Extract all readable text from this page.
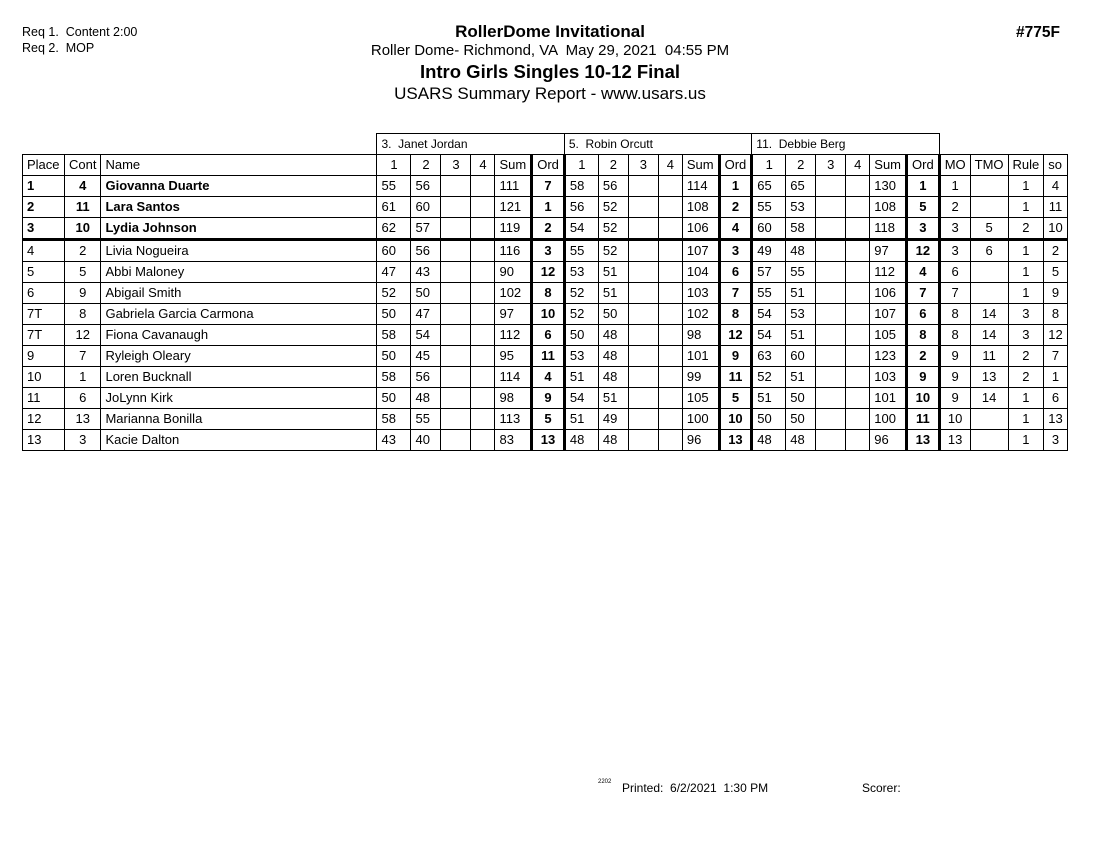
Req 1.  Content 2:00
Req 2.  MOP
RollerDome Invitational
Roller Dome- Richmond, VA  May 29, 2021  04:55 PM
Intro Girls Singles 10-12 Final
USARS Summary Report - www.usars.us
#775F
			3.  Janet Jordan						5.  Robin Orcutt						11.  Debbie Berg									
Place	Cont	Name	1	2	3	4	Sum	Ord	1	2	3	4	Sum	Ord	1	2	3	4	Sum	Ord	MO	TMO	Rule	so
1	4	Giovanna Duarte	55	56			111	7	58	56			114	1	65	65			130	1	1		1	4
2	11	Lara Santos	61	60			121	1	56	52			108	2	55	53			108	5	2		1	11
3	10	Lydia Johnson	62	57			119	2	54	52			106	4	60	58			118	3	3	5	2	10
4	2	Livia Nogueira	60	56			116	3	55	52			107	3	49	48			97	12	3	6	1	2
5	5	Abbi Maloney	47	43			90	12	53	51			104	6	57	55			112	4	6		1	5
6	9	Abigail Smith	52	50			102	8	52	51			103	7	55	51			106	7	7		1	9
7T	8	Gabriela Garcia Carmona	50	47			97	10	52	50			102	8	54	53			107	6	8	14	3	8
7T	12	Fiona Cavanaugh	58	54			112	6	50	48			98	12	54	51			105	8	8	14	3	12
9	7	Ryleigh Oleary	50	45			95	11	53	48			101	9	63	60			123	2	9	11	2	7
10	1	Loren Bucknall	58	56			114	4	51	48			99	11	52	51			103	9	9	13	2	1
11	6	JoLynn Kirk	50	48			98	9	54	51			105	5	51	50			101	10	9	14	1	6
12	13	Marianna Bonilla	58	55			113	5	51	49			100	10	50	50			100	11	10		1	13
13	3	Kacie Dalton	43	40			83	13	48	48			96	13	48	48			96	13	13		1	3
2202 Printed:  6/2/2021  1:30 PM	Scorer:
